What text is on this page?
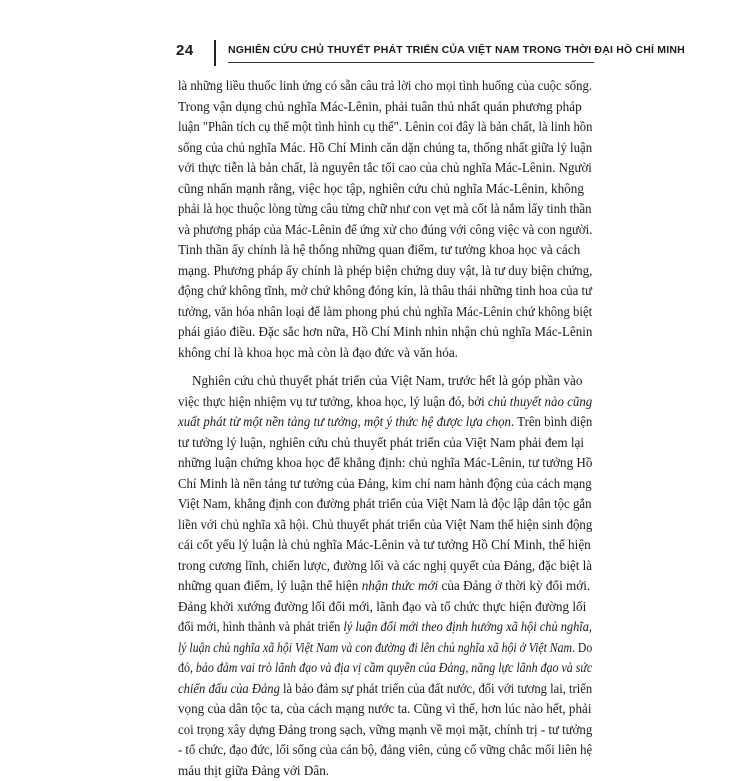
24	NGHIÊN CỨU CHỦ THUYẾT PHÁT TRIỂN CỦA VIỆT NAM TRONG THỜI ĐẠI HỒ CHÍ MINH
là những liều thuốc linh ứng có sẵn câu trả lời cho mọi tình huống của cuộc sống.
Trong vận dụng chủ nghĩa Mác-Lênin, phải tuân thủ nhất quán phương pháp
luận "Phân tích cụ thể một tình hình cụ thể". Lênin coi đây là bản chất, là linh hồn
sống của chủ nghĩa Mác. Hồ Chí Minh căn dặn chúng ta, thống nhất giữa lý luận
với thực tiễn là bản chất, là nguyên tắc tối cao của chủ nghĩa Mác-Lênin. Người
cũng nhấn mạnh rằng, việc học tập, nghiên cứu chủ nghĩa Mác-Lênin, không
phải là học thuộc lòng từng câu từng chữ như con vẹt mà cốt là nắm lấy tinh thần
và phương pháp của Mác-Lênin để ứng xử cho đúng với công việc và con người.
Tinh thần ấy chính là hệ thống những quan điểm, tư tưởng khoa học và cách
mạng. Phương pháp ấy chính là phép biện chứng duy vật, là tư duy biện chứng,
động chứ không tĩnh, mở chứ không đóng kín, là thâu thái những tinh hoa của tư
tưởng, văn hóa nhân loại để làm phong phú chủ nghĩa Mác-Lênin chứ không biệt
phái giáo điều. Đặc sắc hơn nữa, Hồ Chí Minh nhìn nhận chủ nghĩa Mác-Lênin
không chỉ là khoa học mà còn là đạo đức và văn hóa.
Nghiên cứu chủ thuyết phát triển của Việt Nam, trước hết là góp phần vào
việc thực hiện nhiệm vụ tư tưởng, khoa học, lý luận đó, bởi chủ thuyết nào cũng
xuất phát từ một nền tảng tư tưởng, một ý thức hệ được lựa chọn. Trên bình diện
tư tưởng lý luận, nghiên cứu chủ thuyết phát triển của Việt Nam phải đem lại
những luận chứng khoa học để khẳng định: chủ nghĩa Mác-Lênin, tư tưởng Hồ
Chí Minh là nền tảng tư tưởng của Đảng, kim chỉ nam hành động của cách mạng
Việt Nam, khẳng định con đường phát triển của Việt Nam là độc lập dân tộc gắn
liền với chủ nghĩa xã hội. Chủ thuyết phát triển của Việt Nam thể hiện sinh động
cái cốt yếu lý luận là chủ nghĩa Mác-Lênin và tư tưởng Hồ Chí Minh, thể hiện
trong cương lĩnh, chiến lược, đường lối và các nghị quyết của Đảng, đặc biệt là
những quan điểm, lý luận thể hiện nhận thức mới của Đảng ở thời kỳ đổi mới.
Đảng khởi xướng đường lối đổi mới, lãnh đạo và tổ chức thực hiện đường lối
đổi mới, hình thành và phát triển lý luận đổi mới theo định hướng xã hội chủ nghĩa,
lý luận chủ nghĩa xã hội Việt Nam và con đường đi lên chủ nghĩa xã hội ở Việt Nam. Do
đó, bảo đảm vai trò lãnh đạo và địa vị cầm quyền của Đảng, năng lực lãnh đạo và sức
chiến đấu của Đảng là bảo đảm sự phát triển của đất nước, đối với tương lai, triển
vọng của dân tộc ta, của cách mạng nước ta. Cũng vì thế, hơn lúc nào hết, phải
coi trọng xây dựng Đảng trong sạch, vững mạnh về mọi mặt, chính trị - tư tưởng
- tổ chức, đạo đức, lối sống của cán bộ, đảng viên, củng cố vững chắc mối liên hệ
máu thịt giữa Đảng với Dân.
